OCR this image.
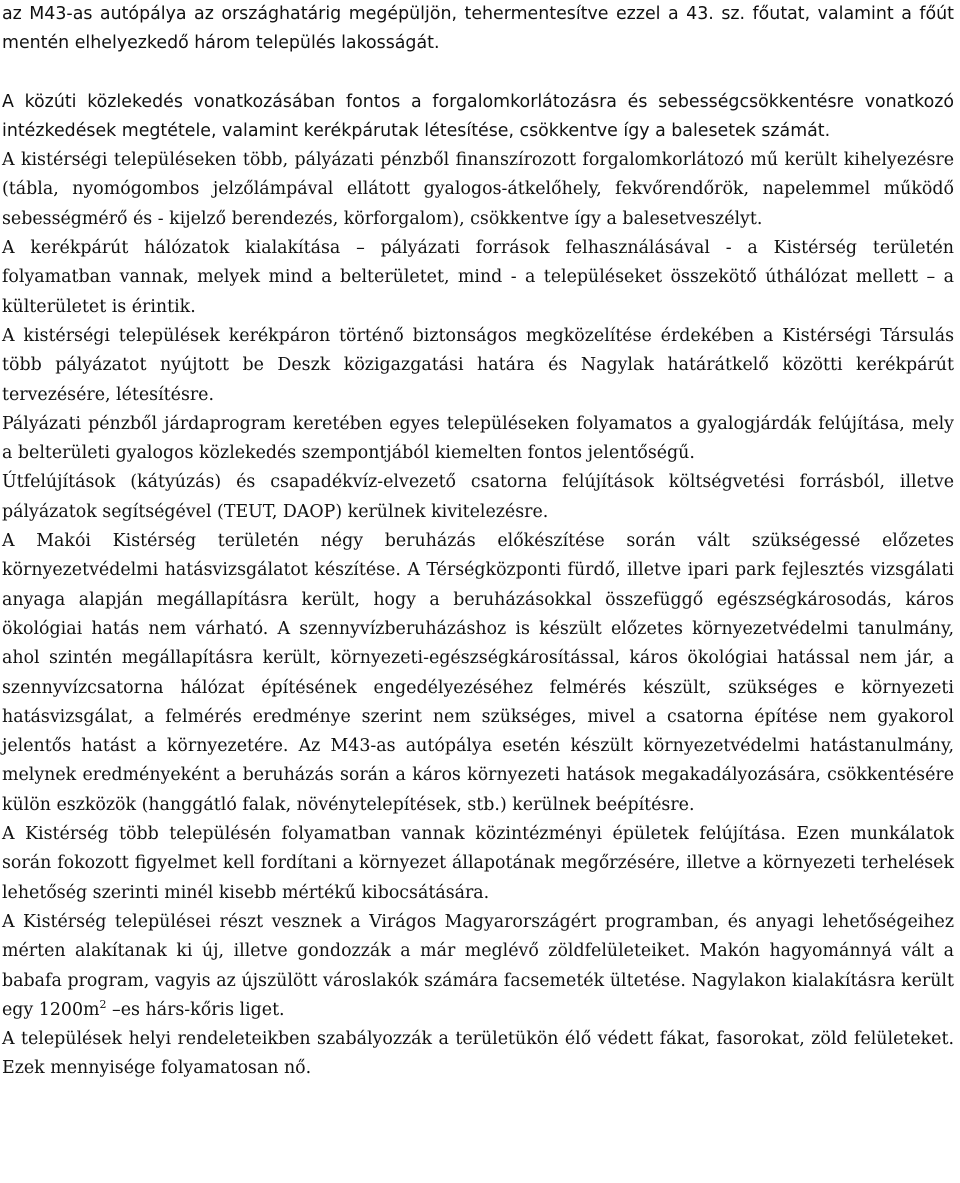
az M43-as autópálya az országhatárig megépüljön, tehermentesítve ezzel a 43. sz. főutat, valamint a főút mentén elhelyezkedő három település lakosságát.

A közúti közlekedés vonatkozásában fontos a forgalomkorlátozásra és sebességcsökkentésre vonatkozó intézkedések megtétele, valamint kerékpárutak létesítése, csökkentve így a balesetek számát.

A kistérségi településeken több, pályázati pénzből finanszírozott forgalomkorlátozó mű került kihelyezésre (tábla, nyomógombos jelzőlámpával ellátott gyalogos-átkelőhely, fekvőrendőrök, napelemmel működő sebességmérő és - kijelző berendezés, körforgalom), csökkentve így a balesetveszélyt.

A kerékpárút hálózatok kialakítása – pályázati források felhasználásával - a Kistérség területén folyamatban vannak, melyek mind a belterületet, mind - a településeket összekötő úthálózat mellett – a külterületet is érintik.

A kistérségi települések kerékpáron történő biztonságos megközelítése érdekében a Kistérségi Társulás több pályázatot nyújtott be Deszk közigazgatási határa és Nagylak határátkelő közötti kerékpárút tervezésére, létesítésre.

Pályázati pénzből járdaprogram keretében egyes településeken folyamatos a gyalogjárdák felújítása, mely a belterületi gyalogos közlekedés szempontjából kiemelten fontos jelentőségű.

Útfelújítások (kátyúzás) és csapadékvíz-elvezető csatorna felújítások költségvetési forrásból, illetve pályázatok segítségével (TEUT, DAOP) kerülnek kivitelezésre.

A Makói Kistérség területén négy beruházás előkészítése során vált szükségessé előzetes környezetvédelmi hatásvizsgálatot készítése. A Térségközponti fürdő, illetve ipari park fejlesztés vizsgálati anyaga alapján megállapításra került, hogy a beruházásokkal összefüggő egészségkárosodás, káros ökológiai hatás nem várható. A szennyvízberuházáshoz is készült előzetes környezetvédelmi tanulmány, ahol szintén megállapításra került, környezeti-egészségkárosítással, káros ökológiai hatással nem jár, a szennyvízcsatorna hálózat építésének engedélyezéséhez felmérés készült, szükséges e környezeti hatásvizsgálat, a felmérés eredménye szerint nem szükséges, mivel a csatorna építése nem gyakorol jelentős hatást a környezetére. Az M43-as autópálya esetén készült környezetvédelmi hatástanulmány, melynek eredményeként a beruházás során a káros környezeti hatások megakadályozására, csökkentésére külön eszközök (hanggátló falak, növénytelepítések, stb.) kerülnek beépítésre.

A Kistérség több településén folyamatban vannak közintézményi épületek felújítása. Ezen munkálatok során fokozott figyelmet kell fordítani a környezet állapotának megőrzésére, illetve a környezeti terhelések lehetőség szerinti minél kisebb mértékű kibocsátására.

A Kistérség települései részt vesznek a Virágos Magyarországért programban, és anyagi lehetőségeihez mérten alakítanak ki új, illetve gondozzák a már meglévő zöldfelületeiket. Makón hagyománnyá vált a babafa program, vagyis az újszülött városlakók számára facsemeték ültetése. Nagylakon kialakításra került egy $1200m^2$ –es hárs-kőris liget.

A települések helyi rendeleteikben szabályozzák a területükön élő védett fákat, fasorokat, zöld felületeket. Ezek mennyisége folyamatosan nő.
